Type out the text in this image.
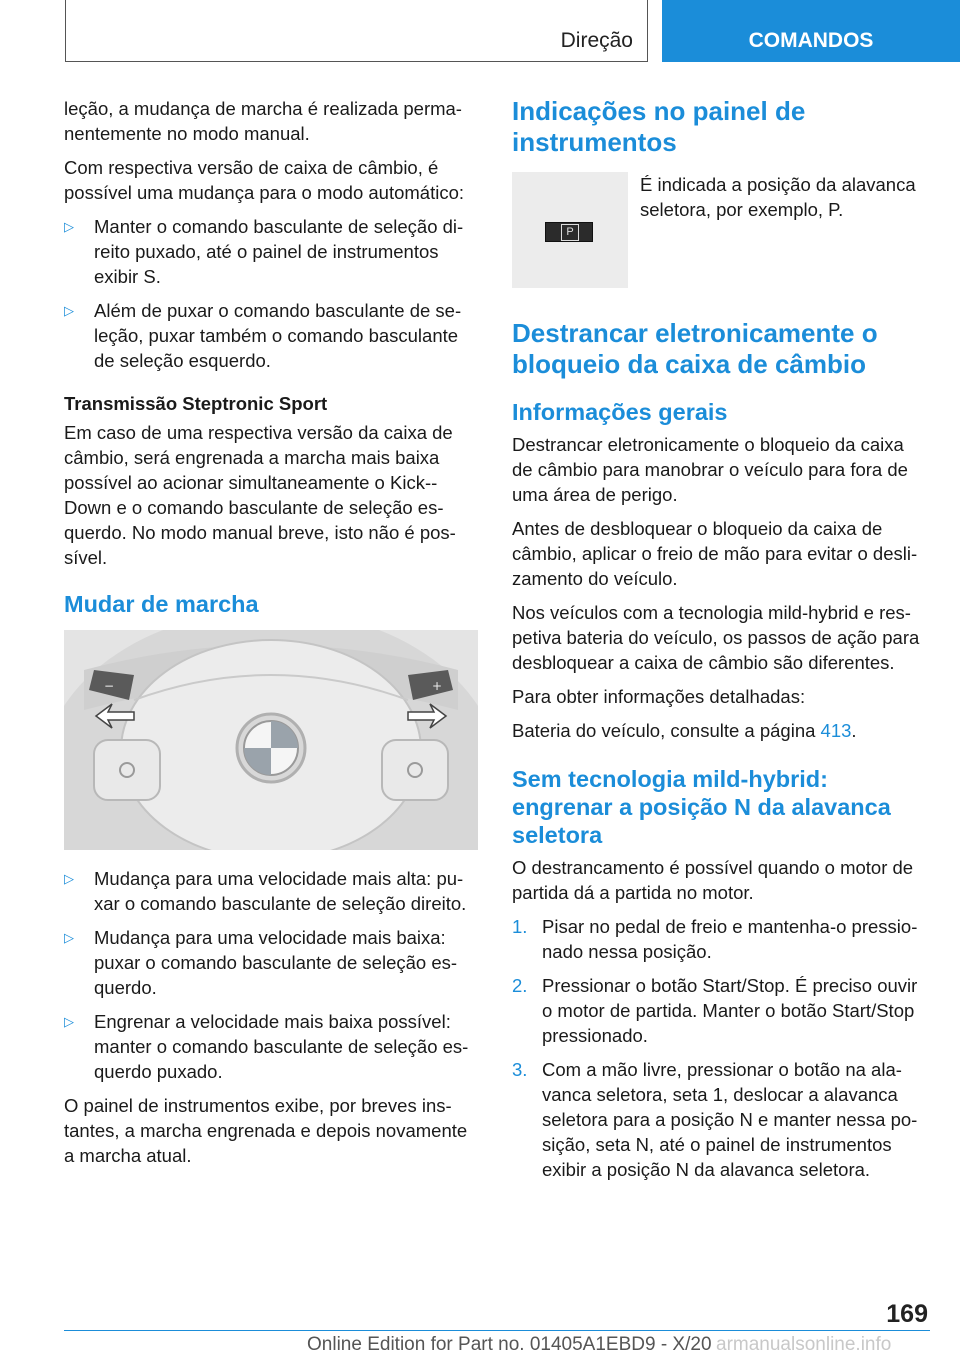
Direção	COMANDOS

leção, a mudança de marcha é realizada perma-nentemente no modo manual.

Com respectiva versão de caixa de câmbio, é possível uma mudança para o modo automático:

▷	Manter o comando basculante de seleção di-reito puxado, até o painel de instrumentos exibir S.
▷	Além de puxar o comando basculante de se-leção, puxar também o comando basculante de seleção esquerdo.
Transmissão Steptronic Sport

Em caso de uma respectiva versão da caixa de câmbio, será engrenada a marcha mais baixa possível ao acionar simultaneamente o Kick--Down e o comando basculante de seleção es-querdo. No modo manual breve, isto não é pos-sível.

Mudar de marcha
−	+
▷	Mudança para uma velocidade mais alta: pu-xar o comando basculante de seleção direito.
▷	Mudança para uma velocidade mais baixa: puxar o comando basculante de seleção es-querdo.
▷	Engrenar a velocidade mais baixa possível: manter o comando basculante de seleção es-querdo puxado.

O painel de instrumentos exibe, por breves ins-tantes, a marcha engrenada e depois novamente a marcha atual.

Indicações no painel de instrumentos
P

É indicada a posição da alavanca seletora, por exemplo, P.

Destrancar eletronicamente o bloqueio da caixa de câmbio
Informações gerais

Destrancar eletronicamente o bloqueio da caixa de câmbio para manobrar o veículo para fora de uma área de perigo.

Antes de desbloquear o bloqueio da caixa de câmbio, aplicar o freio de mão para evitar o desli-zamento do veículo.

Nos veículos com a tecnologia mild-hybrid e res-petiva bateria do veículo, os passos de ação para desbloquear a caixa de câmbio são diferentes.

Para obter informações detalhadas:

Bateria do veículo, consulte a página 413.

Sem tecnologia mild-hybrid: engrenar a posição N da alavanca seletora

O destrancamento é possível quando o motor de partida dá a partida no motor.

1. Pisar no pedal de freio e mantenha-o pressio-nado nessa posição.
2. Pressionar o botão Start/Stop. É preciso ouvir o motor de partida. Manter o botão Start/Stop pressionado.
3. Com a mão livre, pressionar o botão na ala-vanca seletora, seta 1, deslocar a alavanca seletora para a posição N e manter nessa po-sição, seta N, até o painel de instrumentos exibir a posição N da alavanca seletora.
169
Online Edition for Part no. 01405A1EBD9 - X/20 armanualsonline.info
